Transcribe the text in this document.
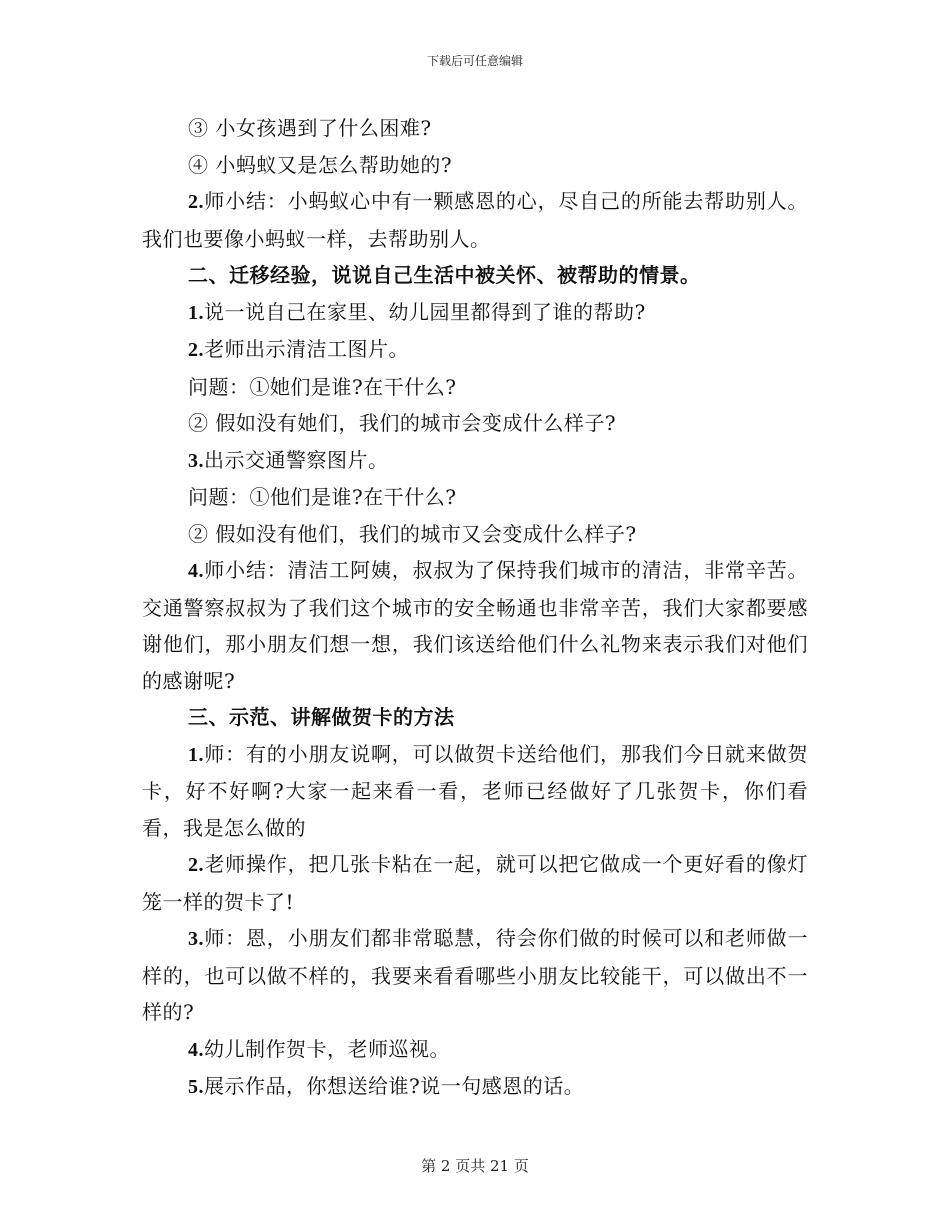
下载后可任意编辑

③ 小女孩遇到了什么困难?

④ 小蚂蚁又是怎么帮助她的?

2.师小结：小蚂蚁心中有一颗感恩的心，尽自己的所能去帮助别人。我们也要像小蚂蚁一样，去帮助别人。

二、迁移经验，说说自己生活中被关怀、被帮助的情景。

1.说一说自己在家里、幼儿园里都得到了谁的帮助?

2.老师出示清洁工图片。

问题：①她们是谁?在干什么?

② 假如没有她们，我们的城市会变成什么样子?

3.出示交通警察图片。

问题：①他们是谁?在干什么?

② 假如没有他们，我们的城市又会变成什么样子?

4.师小结：清洁工阿姨，叔叔为了保持我们城市的清洁，非常辛苦。交通警察叔叔为了我们这个城市的安全畅通也非常辛苦，我们大家都要感谢他们，那小朋友们想一想，我们该送给他们什么礼物来表示我们对他们的感谢呢?

三、示范、讲解做贺卡的方法

1.师：有的小朋友说啊，可以做贺卡送给他们，那我们今日就来做贺卡，好不好啊?大家一起来看一看，老师已经做好了几张贺卡，你们看看，我是怎么做的

2.老师操作，把几张卡粘在一起，就可以把它做成一个更好看的像灯笼一样的贺卡了!

3.师：恩，小朋友们都非常聪慧，待会你们做的时候可以和老师做一样的，也可以做不样的，我要来看看哪些小朋友比较能干，可以做出不一样的?

4.幼儿制作贺卡，老师巡视。

5.展示作品，你想送给谁?说一句感恩的话。

第 2 页共 21 页
